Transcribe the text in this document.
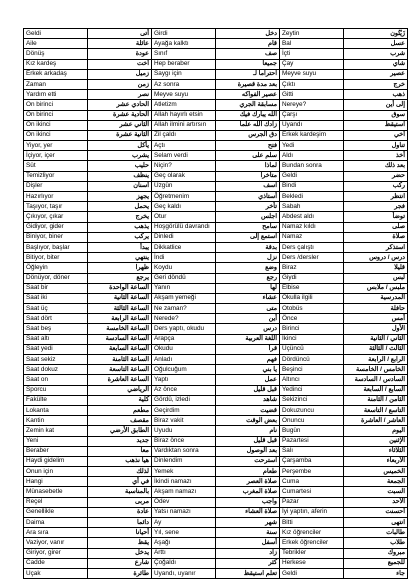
Geldi	أتى	Girdi	دخل	Zeytin	زَيْتُون
Aile	عائلة	Ayağa kalktı	قام	Bal	عسل
Dönüş	عودة	Sınıf	صف	İçti	شرب
Kız kardeş	أخت	Hep beraber	جميعا	Çay	شاي
Erkek arkadaş	زميل	Saygı için	احتراما لـ	Meyve suyu	عصير
Zaman	زمن	Az sonra	بعد مدة قصيرة	Çıktı	خرج
Yardım etti	نصر	Meyve suyu	عصير الفواكه	Gitti	ذهب
On birinci	الحادي عشر	Atletizm	مسابقة الجري	Nereye?	إلى أين
On birinci	الحادية عشرة	Allah hayırlı etsin	الله يبارك فيك	Çarşı	سوق
On ikinci	الثاني عشر	Allah ilmini artırsın	زادك الله علما	Uyandı	استيقظ
On ikinci	الثانية عشرة	Zil çaldı	دق الجرس	Erkek kardeşim	أخي
Yiyor, yer	يأكل	Açtı	فتح	Yedi	تناول
İçiyor, içer	يشرب	Selam verdi	سلم على	Aldı	أخذ
Süt	حليب	Niçin?	لماذا	Bundan sonra	بعد ذلك
Temizliyor	ينظف	Geç olarak	متأخرا	Geldi	حضر
Dişler	أسنان	Üzgün	آسف	Bindi	ركب
Hazırlıyor	يجهز	Öğretmenim	أستاذي	Bekledi	انتظر
Taşıyor, taşır	يحمل	Geç kaldı	تأخر	Sabah	فجر
Çıkıyor, çıkar	يخرج	Otur	اجلس	Abdest aldı	توضأ
Gidiyor, gider	يذهب	Hoşgörülü davrandı	سامح	Namaz kıldı	صلى
Biniyor, biner	يركب	Dinledi	استمع إلى	Namaz	صلاة
Başlıyor, başlar	يبدأ	Dikkatlice	بدقة	Ders çalıştı	استذكر
Bitiyor, biter	ينتهي	İndi	نزل	Ders /dersler	درس / دروس
Öğleyin	ظهرا	Koydu	وضع	Biraz	قليلا
Dönüyor, döner	يرجع	Geri döndü	رجع	Giydi	لبس
Saat bir	الساعة الواحدة	Yanın	لها	Elbise	ملبس / ملابس
Saat iki	الساعة الثانية	Akşam yemeği	عشاء	Okulla ilgili	المدرسية
Saat üç	الساعة الثالثة	Ne zaman?	متى	Otobüs	حافلة
Saat dört	الساعة الرابعة	Nerede?	أين	Önce	أمس
Saat beş	الساعة الخامسة	Ders yaptı, okudu	درس	Birinci	الأول
Saat altı	الساعة السادسة	Arapça	اللغة العربية	İkinci	الثاني / الثانية
Saat yedi	الساعة السابعة	Okudu	قرأ	Üçüncü	الثالث / الثالثة
Saat sekiz	الساعة الثامنة	Anladı	فهم	Dördüncü	الرابع / الرابعة
Saat dokuz	الساعة التاسعة	Oğulcuğum	يا بني	Beşinci	الخامس / الخامسة
Saat on	الساعة العاشرة	Yaptı	عمل	Altıncı	السادس / السادسة
Sporcu	الرياضي	Az önce	قبل قليل	Yedinci	السابع / السابعة
Fakülte	كلية	Gördü, izledi	شاهد	Sekizinci	الثامن / الثامنة
Lokanta	مطعم	Geçirdim	قضيت	Dokuzuncu	التاسع / التاسعة
Kantin	مقصف	Biraz vakit	بعض الوقت	Onuncu	العاشر / العاشرة
Zemin kat	الطابق الأرضي	Uyudu	نام	Bugün	اليوم
Yeni	جديد	Biraz önce	قبل قليل	Pazartesi	الإثنين
Beraber	معا	Vardıktan sonra	بعد الوصول	Salı	الثلاثاء
Haydi gidelim	هيا نذهب	Dinlendim	استرحت	Çarşamba	الأربعاء
Onun için	لذلك	Yemek	طعام	Perşembe	الخميس
Hangi	في أي	İkindi namazı	صلاة العصر	Cuma	الجمعة
Münasebetle	بالمناسبة	Akşam namazı	صلاة المغرب	Cumartesi	السبت
Reçel	مربى	Ödev	واجب	Pazar	الأحد
Genellikle	عادة	Yatsı namazı	صلاة العشاء	İyi yaptın, aferin	أحسنت
Daima	دائما	Ay	شهر	Bitti	انتهى
Ara sıra	أحيانا	Yıl, sene	سنة	Kız öğrenciler	طالبات
Vaziyor, vanır	يقظ	Aşağı	أسفل	Erkek öğrenciler	طلاب
Giriyor, girer	يدخل	Arttı	زاد	Tebrikler	مبروك
Cadde	شارع	Çoğaldı	كثر	Herkese	للجميع
Uçak	طائرة	Uyandı, uyanır	تعلم استيقظ	Geldi	جاء
